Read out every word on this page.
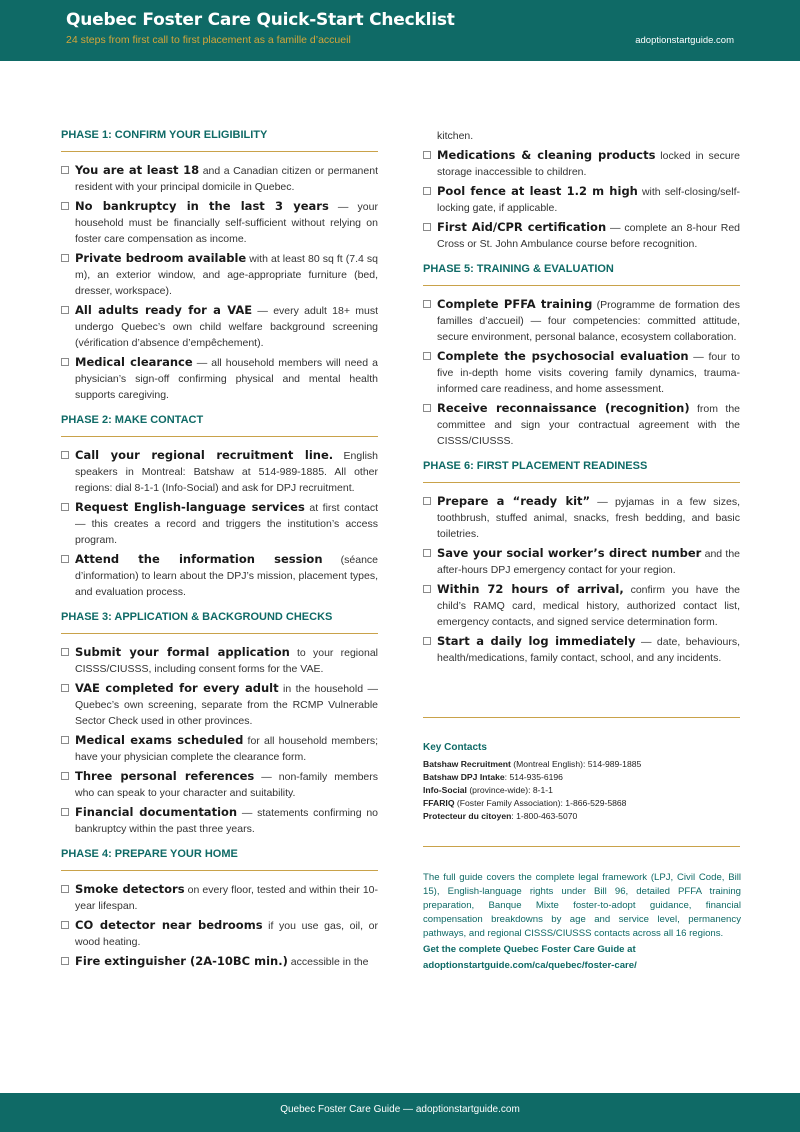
Quebec Foster Care Quick-Start Checklist
24 steps from first call to first placement as a famille d’accueil	adoptionstartguide.com
PHASE 1: CONFIRM YOUR ELIGIBILITY
You are at least 18 and a Canadian citizen or permanent resident with your principal domicile in Quebec.
No bankruptcy in the last 3 years — your household must be financially self-sufficient without relying on foster care compensation as income.
Private bedroom available with at least 80 sq ft (7.4 sq m), an exterior window, and age-appropriate furniture (bed, dresser, workspace).
All adults ready for a VAE — every adult 18+ must undergo Quebec’s own child welfare background screening (vérification d’absence d’empêchement).
Medical clearance — all household members will need a physician’s sign-off confirming physical and mental health supports caregiving.
PHASE 2: MAKE CONTACT
Call your regional recruitment line. English speakers in Montreal: Batshaw at 514-989-1885. All other regions: dial 8-1-1 (Info-Social) and ask for DPJ recruitment.
Request English-language services at first contact — this creates a record and triggers the institution’s access program.
Attend the information session (séance d’information) to learn about the DPJ’s mission, placement types, and evaluation process.
PHASE 3: APPLICATION & BACKGROUND CHECKS
Submit your formal application to your regional CISSS/CIUSSS, including consent forms for the VAE.
VAE completed for every adult in the household — Quebec’s own screening, separate from the RCMP Vulnerable Sector Check used in other provinces.
Medical exams scheduled for all household members; have your physician complete the clearance form.
Three personal references — non-family members who can speak to your character and suitability.
Financial documentation — statements confirming no bankruptcy within the past three years.
PHASE 4: PREPARE YOUR HOME
Smoke detectors on every floor, tested and within their 10-year lifespan.
CO detector near bedrooms if you use gas, oil, or wood heating.
Fire extinguisher (2A-10BC min.) accessible in the
kitchen.
Medications & cleaning products locked in secure storage inaccessible to children.
Pool fence at least 1.2 m high with self-closing/self-locking gate, if applicable.
First Aid/CPR certification — complete an 8-hour Red Cross or St. John Ambulance course before recognition.
PHASE 5: TRAINING & EVALUATION
Complete PFFA training (Programme de formation des familles d’accueil) — four competencies: committed attitude, secure environment, personal balance, ecosystem collaboration.
Complete the psychosocial evaluation — four to five in-depth home visits covering family dynamics, trauma-informed care readiness, and home assessment.
Receive reconnaissance (recognition) from the committee and sign your contractual agreement with the CISSS/CIUSSS.
PHASE 6: FIRST PLACEMENT READINESS
Prepare a “ready kit” — pyjamas in a few sizes, toothbrush, stuffed animal, snacks, fresh bedding, and basic toiletries.
Save your social worker’s direct number and the after-hours DPJ emergency contact for your region.
Within 72 hours of arrival, confirm you have the child’s RAMQ card, medical history, authorized contact list, emergency contacts, and signed service determination form.
Start a daily log immediately — date, behaviours, health/medications, family contact, school, and any incidents.
Key Contacts
Batshaw Recruitment (Montreal English): 514-989-1885
Batshaw DPJ Intake: 514-935-6196
Info-Social (province-wide): 8-1-1
FFARIQ (Foster Family Association): 1-866-529-5868
Protecteur du citoyen: 1-800-463-5070
The full guide covers the complete legal framework (LPJ, Civil Code, Bill 15), English-language rights under Bill 96, detailed PFFA training preparation, Banque Mixte foster-to-adopt guidance, financial compensation breakdowns by age and service level, permanency pathways, and regional CISSS/CIUSSS contacts across all 16 regions.
Get the complete Quebec Foster Care Guide at
adoptionstartguide.com/ca/quebec/foster-care/
Quebec Foster Care Guide — adoptionstartguide.com
